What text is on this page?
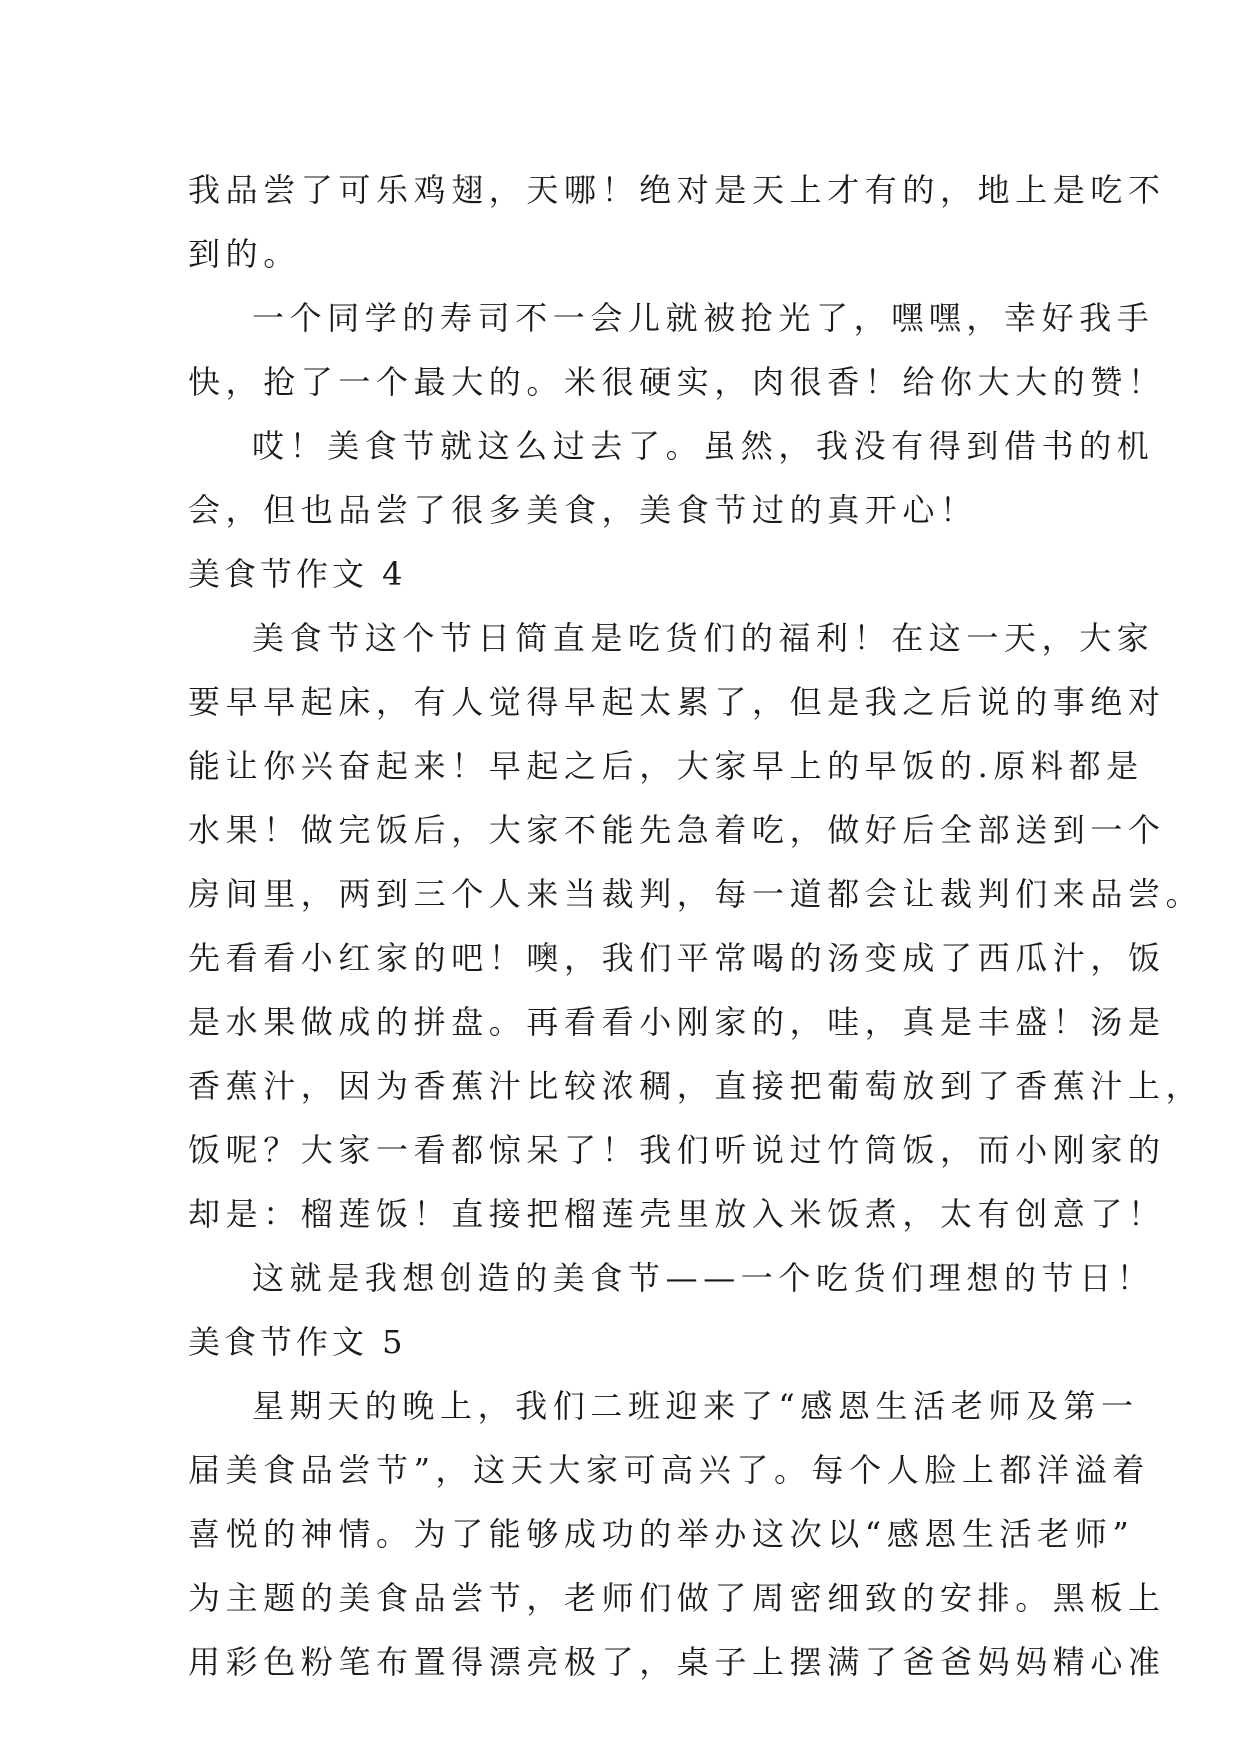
我品尝了可乐鸡翅，天哪！绝对是天上才有的，地上是吃不
到的。
一个同学的寿司不一会儿就被抢光了，嘿嘿，幸好我手
快，抢了一个最大的。米很硬实，肉很香！给你大大的赞！
哎！美食节就这么过去了。虽然，我没有得到借书的机
会，但也品尝了很多美食，美食节过的真开心！
美食节作文 4
美食节这个节日简直是吃货们的福利！在这一天，大家
要早早起床，有人觉得早起太累了，但是我之后说的事绝对
能让你兴奋起来！早起之后，大家早上的早饭的.原料都是
水果！做完饭后，大家不能先急着吃，做好后全部送到一个
房间里，两到三个人来当裁判，每一道都会让裁判们来品尝。
先看看小红家的吧！噢，我们平常喝的汤变成了西瓜汁，饭
是水果做成的拼盘。再看看小刚家的，哇，真是丰盛！汤是
香蕉汁，因为香蕉汁比较浓稠，直接把葡萄放到了香蕉汁上，
饭呢？大家一看都惊呆了！我们听说过竹筒饭，而小刚家的
却是：榴莲饭！直接把榴莲壳里放入米饭煮，太有创意了！
这就是我想创造的美食节——一个吃货们理想的节日！
美食节作文 5
星期天的晚上，我们二班迎来了“感恩生活老师及第一
届美食品尝节”，这天大家可高兴了。每个人脸上都洋溢着
喜悦的神情。为了能够成功的举办这次以“感恩生活老师”
为主题的美食品尝节，老师们做了周密细致的安排。黑板上
用彩色粉笔布置得漂亮极了，桌子上摆满了爸爸妈妈精心准
